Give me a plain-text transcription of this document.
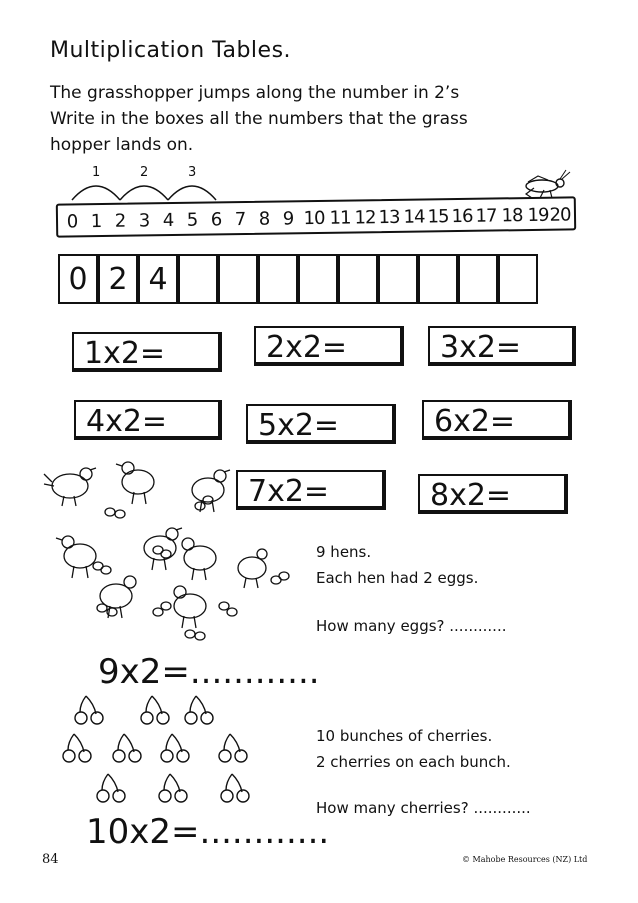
Multiplication Tables.
The grasshopper jumps along the number in 2’s
Write in the boxes all the numbers that the grass
hopper lands on.
1	2	3
0 1 2 3 4 5 6 7 8 9 10 11 12 13 14 15 16 17 18 19 20
0 2 4
1x2=	2x2=	3x2=
4x2=	5x2=	6x2=
7x2=	8x2=
9 hens.
Each hen had 2 eggs.
How many eggs? ............
9x2=............
10 bunches of cherries.
2 cherries on each bunch.
How many cherries? ............
10x2=............
84	© Mahobe Resources (NZ) Ltd
